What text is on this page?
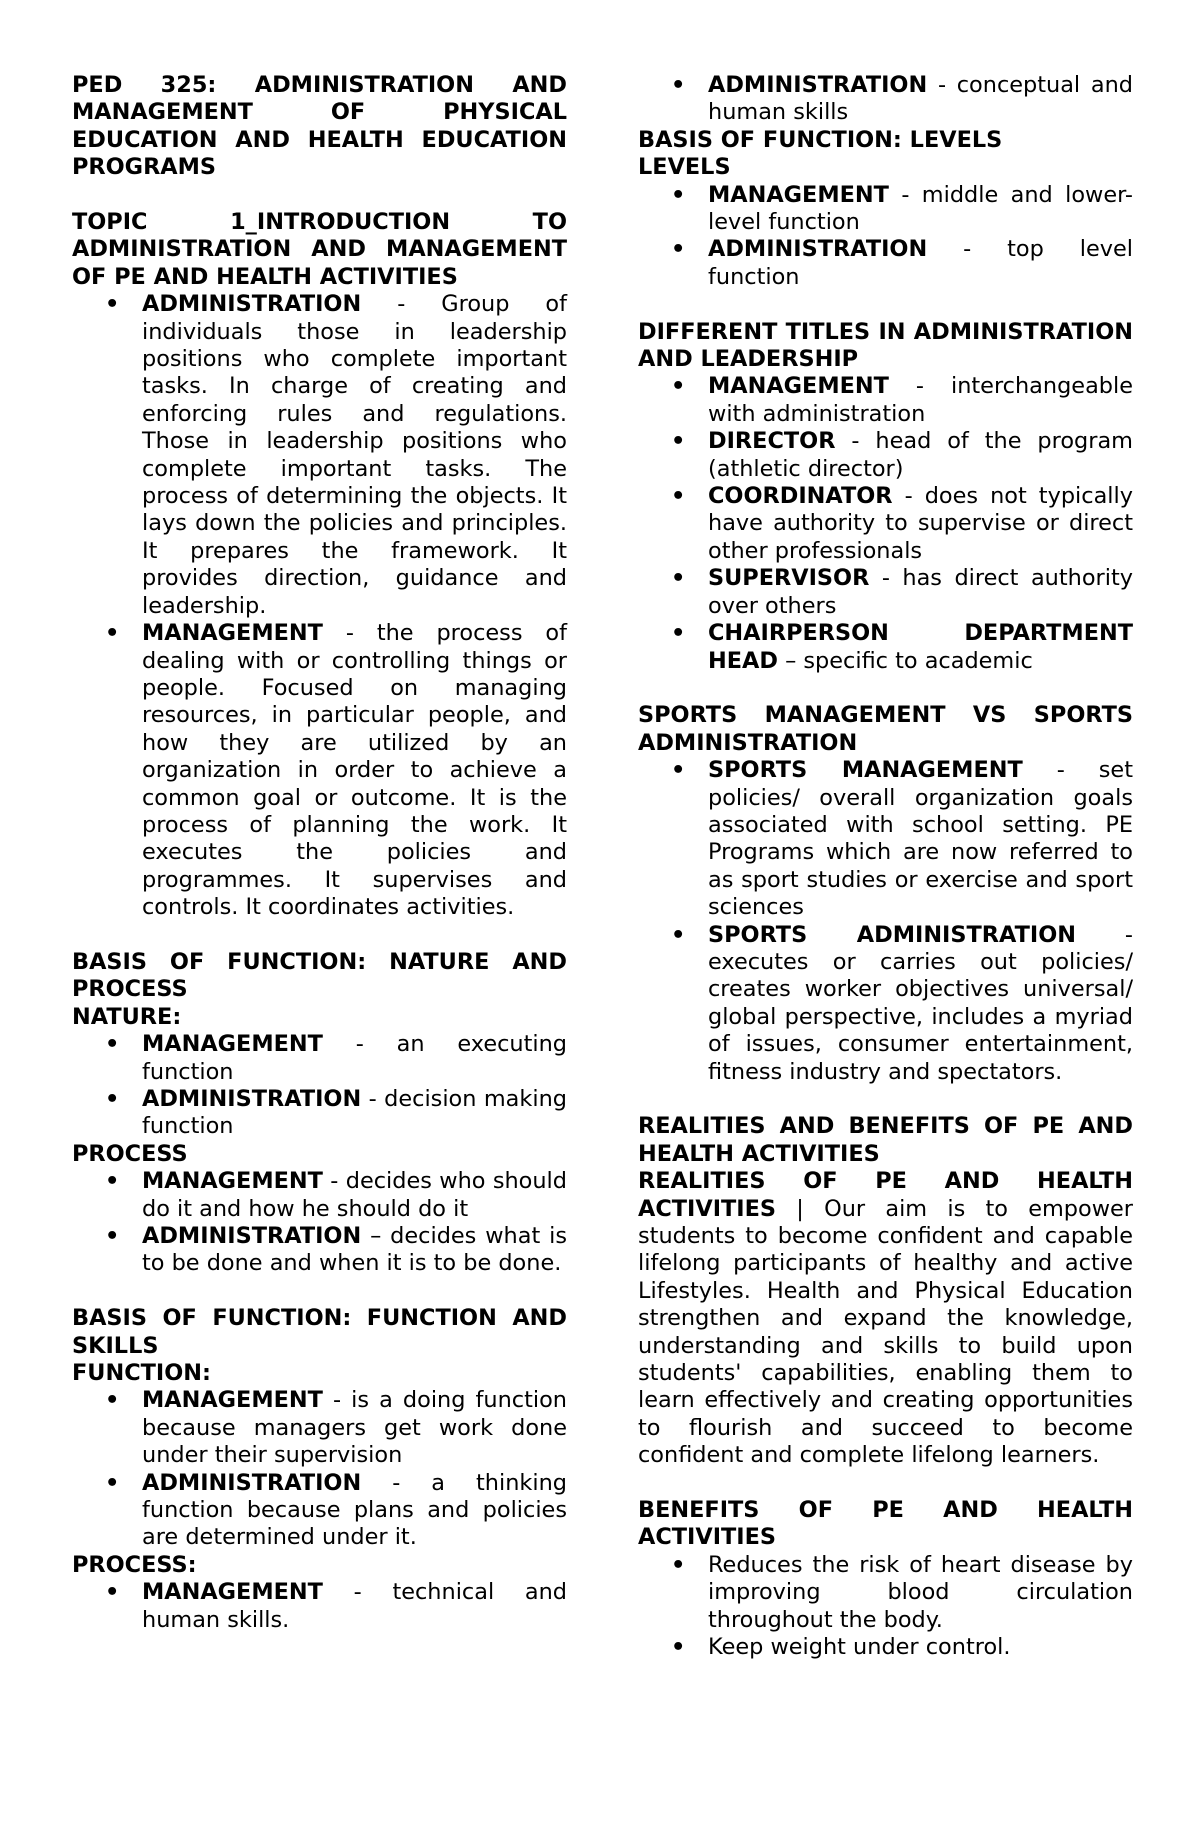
PED 325: ADMINISTRATION AND MANAGEMENT OF PHYSICAL EDUCATION AND HEALTH EDUCATION PROGRAMS

TOPIC 1_INTRODUCTION TO ADMINISTRATION AND MANAGEMENT OF PE AND HEALTH ACTIVITIES

• ADMINISTRATION - Group of individuals those in leadership positions who complete important tasks. In charge of creating and enforcing rules and regulations. Those in leadership positions who complete important tasks. The process of determining the objects. It lays down the policies and principles. It prepares the framework. It provides direction, guidance and leadership.
• MANAGEMENT - the process of dealing with or controlling things or people. Focused on managing resources, in particular people, and how they are utilized by an organization in order to achieve a common goal or outcome. It is the process of planning the work. It executes the policies and programmes. It supervises and controls. It coordinates activities.

BASIS OF FUNCTION: NATURE AND PROCESS

NATURE:

• MANAGEMENT - an executing function
• ADMINISTRATION - decision making function

PROCESS

• MANAGEMENT - decides who should do it and how he should do it
• ADMINISTRATION – decides what is to be done and when it is to be done.

BASIS OF FUNCTION: FUNCTION AND SKILLS

FUNCTION:

• MANAGEMENT - is a doing function because managers get work done under their supervision
• ADMINISTRATION - a thinking function because plans and policies are determined under it.

PROCESS:

• MANAGEMENT - technical and human skills.
• ADMINISTRATION - conceptual and human skills

BASIS OF FUNCTION: LEVELS

LEVELS

• MANAGEMENT - middle and lower-level function
• ADMINISTRATION - top level function

DIFFERENT TITLES IN ADMINISTRATION AND LEADERSHIP

• MANAGEMENT - interchangeable with administration
• DIRECTOR - head of the program (athletic director)
• COORDINATOR - does not typically have authority to supervise or direct other professionals
• SUPERVISOR - has direct authority over others
• CHAIRPERSON DEPARTMENT HEAD – specific to academic

SPORTS MANAGEMENT VS SPORTS ADMINISTRATION

• SPORTS MANAGEMENT - set policies/ overall organization goals associated with school setting. PE Programs which are now referred to as sport studies or exercise and sport sciences
• SPORTS ADMINISTRATION - executes or carries out policies/ creates worker objectives universal/ global perspective, includes a myriad of issues, consumer entertainment, fitness industry and spectators.

REALITIES AND BENEFITS OF PE AND HEALTH ACTIVITIES

REALITIES OF PE AND HEALTH ACTIVITIES | Our aim is to empower students to become confident and capable lifelong participants of healthy and active Lifestyles. Health and Physical Education strengthen and expand the knowledge, understanding and skills to build upon students' capabilities, enabling them to learn effectively and creating opportunities to flourish and succeed to become confident and complete lifelong learners.

BENEFITS OF PE AND HEALTH ACTIVITIES

• Reduces the risk of heart disease by improving blood circulation throughout the body.
• Keep weight under control.
